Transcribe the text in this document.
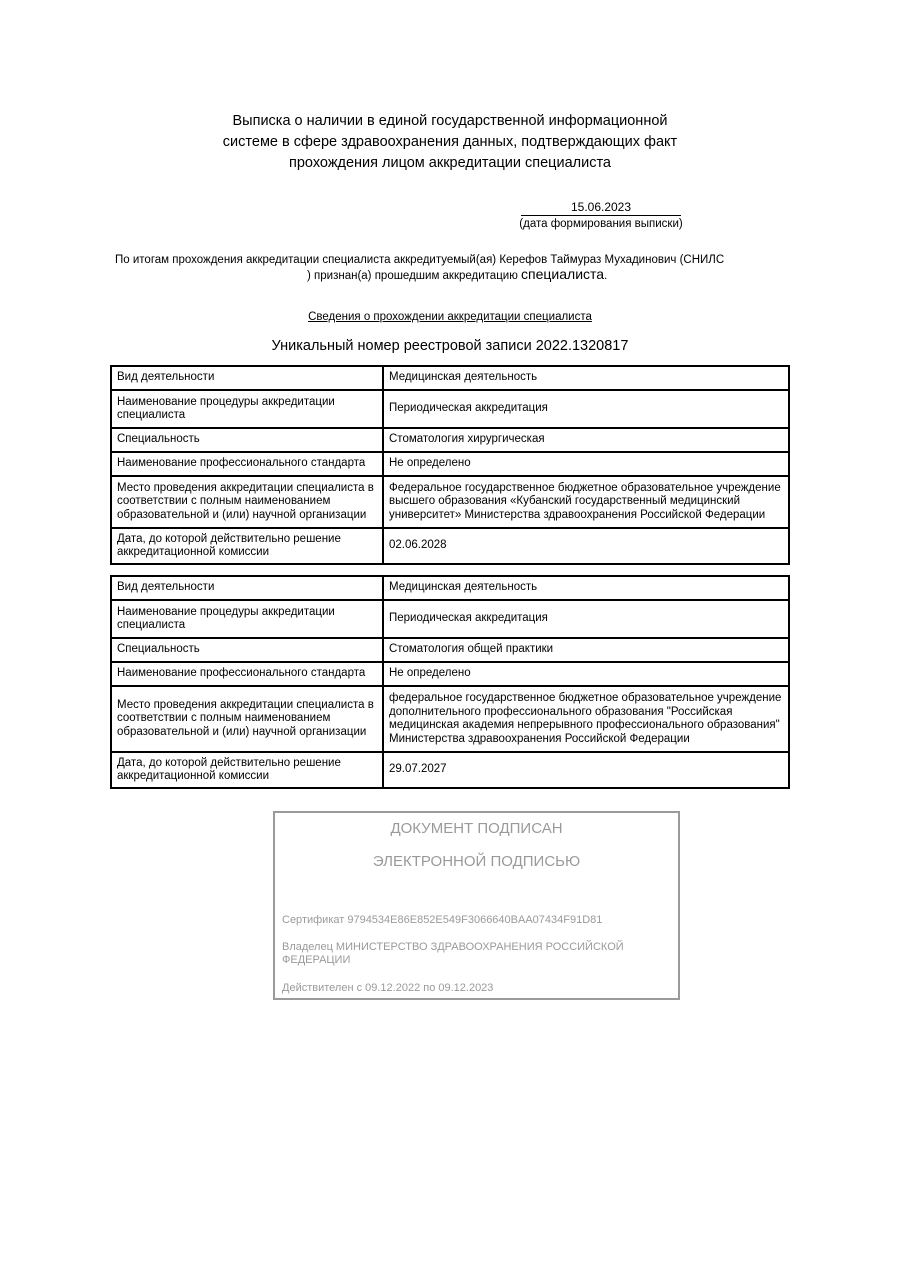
Выписка о наличии в единой государственной информационной
системе в сфере здравоохранения данных, подтверждающих факт
прохождения лицом аккредитации специалиста
15.06.2023
(дата формирования выписки)
По итогам прохождения аккредитации специалиста аккредитуемый(ая) Керефов Таймураз Мухадинович (СНИЛС
) признан(а) прошедшим аккредитацию специалиста.
Сведения о прохождении аккредитации специалиста
Уникальный номер реестровой записи 2022.1320817
Вид деятельности	Медицинская деятельность
Наименование процедуры аккредитации специалиста	Периодическая аккредитация
Специальность	Стоматология хирургическая
Наименование профессионального стандарта	Не определено
Место проведения аккредитации специалиста в соответствии с полным наименованием образовательной и (или) научной организации	Федеральное государственное бюджетное образовательное учреждение высшего образования «Кубанский государственный медицинский университет» Министерства здравоохранения Российской Федерации
Дата, до которой действительно решение аккредитационной комиссии	02.06.2028
Вид деятельности	Медицинская деятельность
Наименование процедуры аккредитации специалиста	Периодическая аккредитация
Специальность	Стоматология общей практики
Наименование профессионального стандарта	Не определено
Место проведения аккредитации специалиста в соответствии с полным наименованием образовательной и (или) научной организации	федеральное государственное бюджетное образовательное учреждение дополнительного профессионального образования "Российская медицинская академия непрерывного профессионального образования" Министерства здравоохранения Российской Федерации
Дата, до которой действительно решение аккредитационной комиссии	29.07.2027
ДОКУМЕНТ ПОДПИСАН
ЭЛЕКТРОННОЙ ПОДПИСЬЮ
Сертификат 9794534E86E852E549F3066640BAA07434F91D81
Владелец МИНИСТЕРСТВО ЗДРАВООХРАНЕНИЯ РОССИЙСКОЙ ФЕДЕРАЦИИ
Действителен с 09.12.2022 по 09.12.2023
